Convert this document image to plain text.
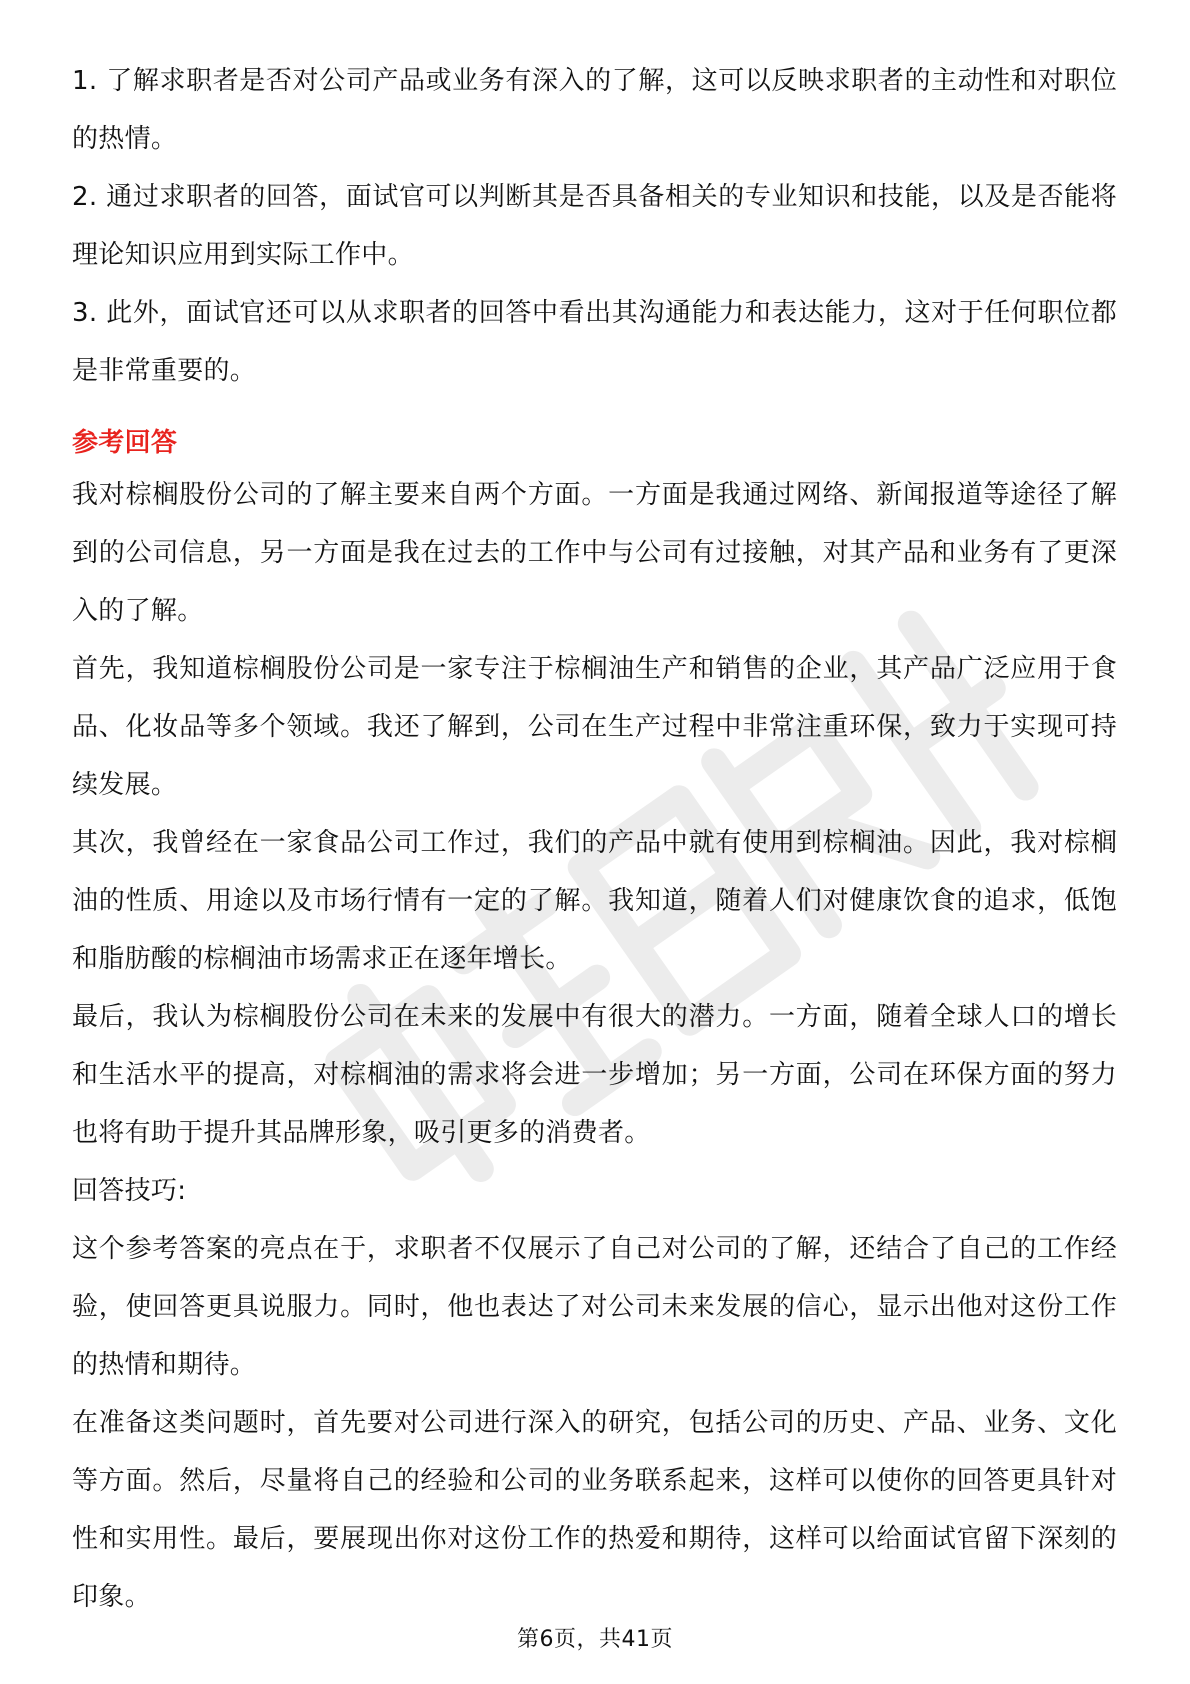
1. 了解求职者是否对公司产品或业务有深入的了解，这可以反映求职者的主动性和对职位的热情。

2. 通过求职者的回答，面试官可以判断其是否具备相关的专业知识和技能，以及是否能将理论知识应用到实际工作中。

3. 此外，面试官还可以从求职者的回答中看出其沟通能力和表达能力，这对于任何职位都是非常重要的。

参考回答

我对棕榈股份公司的了解主要来自两个方面。一方面是我通过网络、新闻报道等途径了解到的公司信息，另一方面是我在过去的工作中与公司有过接触，对其产品和业务有了更深入的了解。

首先，我知道棕榈股份公司是一家专注于棕榈油生产和销售的企业，其产品广泛应用于食品、化妆品等多个领域。我还了解到，公司在生产过程中非常注重环保，致力于实现可持续发展。

其次，我曾经在一家食品公司工作过，我们的产品中就有使用到棕榈油。因此，我对棕榈油的性质、用途以及市场行情有一定的了解。我知道，随着人们对健康饮食的追求，低饱和脂肪酸的棕榈油市场需求正在逐年增长。

最后，我认为棕榈股份公司在未来的发展中有很大的潜力。一方面，随着全球人口的增长和生活水平的提高，对棕榈油的需求将会进一步增加；另一方面，公司在环保方面的努力也将有助于提升其品牌形象，吸引更多的消费者。

回答技巧:

这个参考答案的亮点在于，求职者不仅展示了自己对公司的了解，还结合了自己的工作经验，使回答更具说服力。同时，他也表达了对公司未来发展的信心，显示出他对这份工作的热情和期待。

在准备这类问题时，首先要对公司进行深入的研究，包括公司的历史、产品、业务、文化等方面。然后，尽量将自己的经验和公司的业务联系起来，这样可以使你的回答更具针对性和实用性。最后，要展现出你对这份工作的热爱和期待，这样可以给面试官留下深刻的印象。

第6页，共41页
